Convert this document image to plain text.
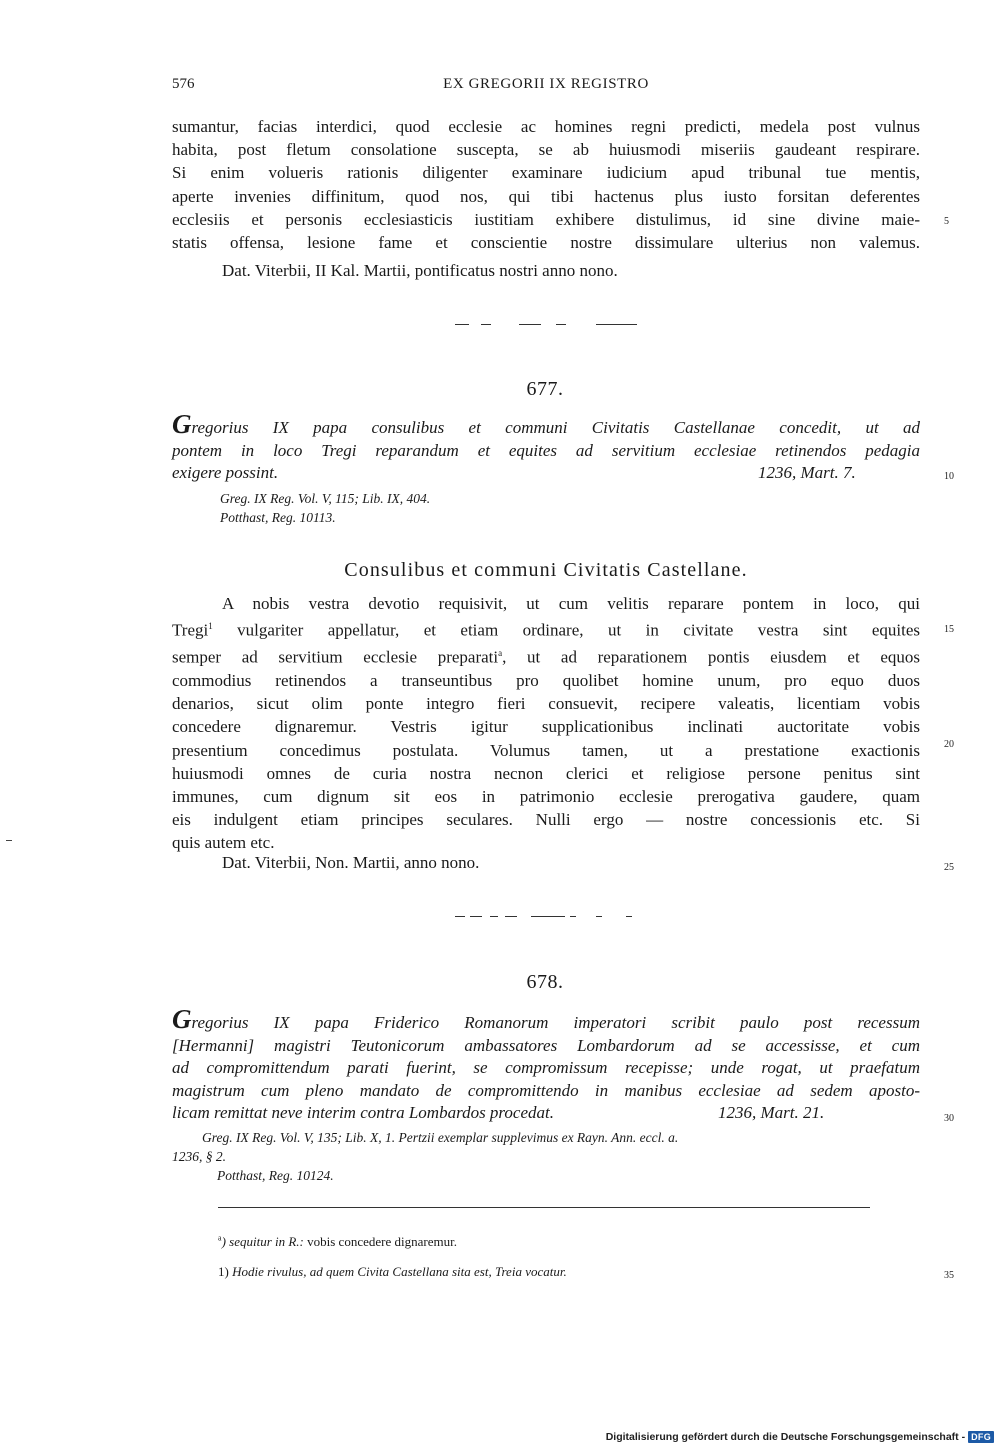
576	EX GREGORII IX REGISTRO
sumantur, facias interdici, quod ecclesie ac homines regni predicti, medela post vulnus
habita, post fletum consolatione suscepta, se ab huiusmodi miseriis gaudeant respirare.
Si enim volueris rationis diligenter examinare iudicium apud tribunal tue mentis,
aperte invenies diffinitum, quod nos, qui tibi hactenus plus iusto forsitan deferentes
ecclesiis et personis ecclesiasticis iustitiam exhibere distulimus, id sine divine maie-
statis offensa, lesione fame et conscientie nostre dissimulare ulterius non valemus.
Dat. Viterbii, II Kal. Martii, pontificatus nostri anno nono.
677.
Gregorius IX papa consulibus et communi Civitatis Castellanae concedit, ut ad
pontem in loco Tregi reparandum et equites ad servitium ecclesiae retinendos pedagia
exigere possint.	1236, Mart. 7.
Greg. IX Reg. Vol. V, 115; Lib. IX, 404.
Potthast, Reg. 10113.
Consulibus et communi Civitatis Castellane.
A nobis vestra devotio requisivit, ut cum velitis reparare pontem in loco, qui
Tregi$^1$ vulgariter appellatur, et etiam ordinare, ut in civitate vestra sint equites
semper ad servitium ecclesie preparati$^a$, ut ad reparationem pontis eiusdem et equos
commodius retinendos a transeuntibus pro quolibet homine unum, pro equo duos
denarios, sicut olim ponte integro fieri consuevit, recipere valeatis, licentiam vobis
concedere dignaremur. Vestris igitur supplicationibus inclinati auctoritate vobis
presentium concedimus postulata. Volumus tamen, ut a prestatione exactionis
huiusmodi omnes de curia nostra necnon clerici et religiose persone penitus sint
immunes, cum dignum sit eos in patrimonio ecclesie prerogativa gaudere, quam
eis indulgent etiam principes seculares. Nulli ergo — nostre concessionis etc. Si
quis autem etc.
Dat. Viterbii, Non. Martii, anno nono.
678.
Gregorius IX papa Friderico Romanorum imperatori scribit paulo post recessum
[Hermanni] magistri Teutonicorum ambassatores Lombardorum ad se accessisse, et cum
ad compromittendum parati fuerint, se compromissum recepisse; unde rogat, ut praefatum
magistrum cum pleno mandato de compromittendo in manibus ecclesiae ad sedem aposto-
licam remittat neve interim contra Lombardos procedat.	1236, Mart. 21.
Greg. IX Reg. Vol. V, 135; Lib. X, 1. Pertzii exemplar supplevimus ex Rayn. Ann. eccl. a.
1236, § 2.
Potthast, Reg. 10124.
$^a$) sequitur in R.: vobis concedere dignaremur.
1) Hodie rivulus, ad quem Civita Castellana sita est, Treia vocatur.
5
10
15
20
25
30
35
Digitalisierung gefördert durch die Deutsche Forschungsgemeinschaft - DFG
